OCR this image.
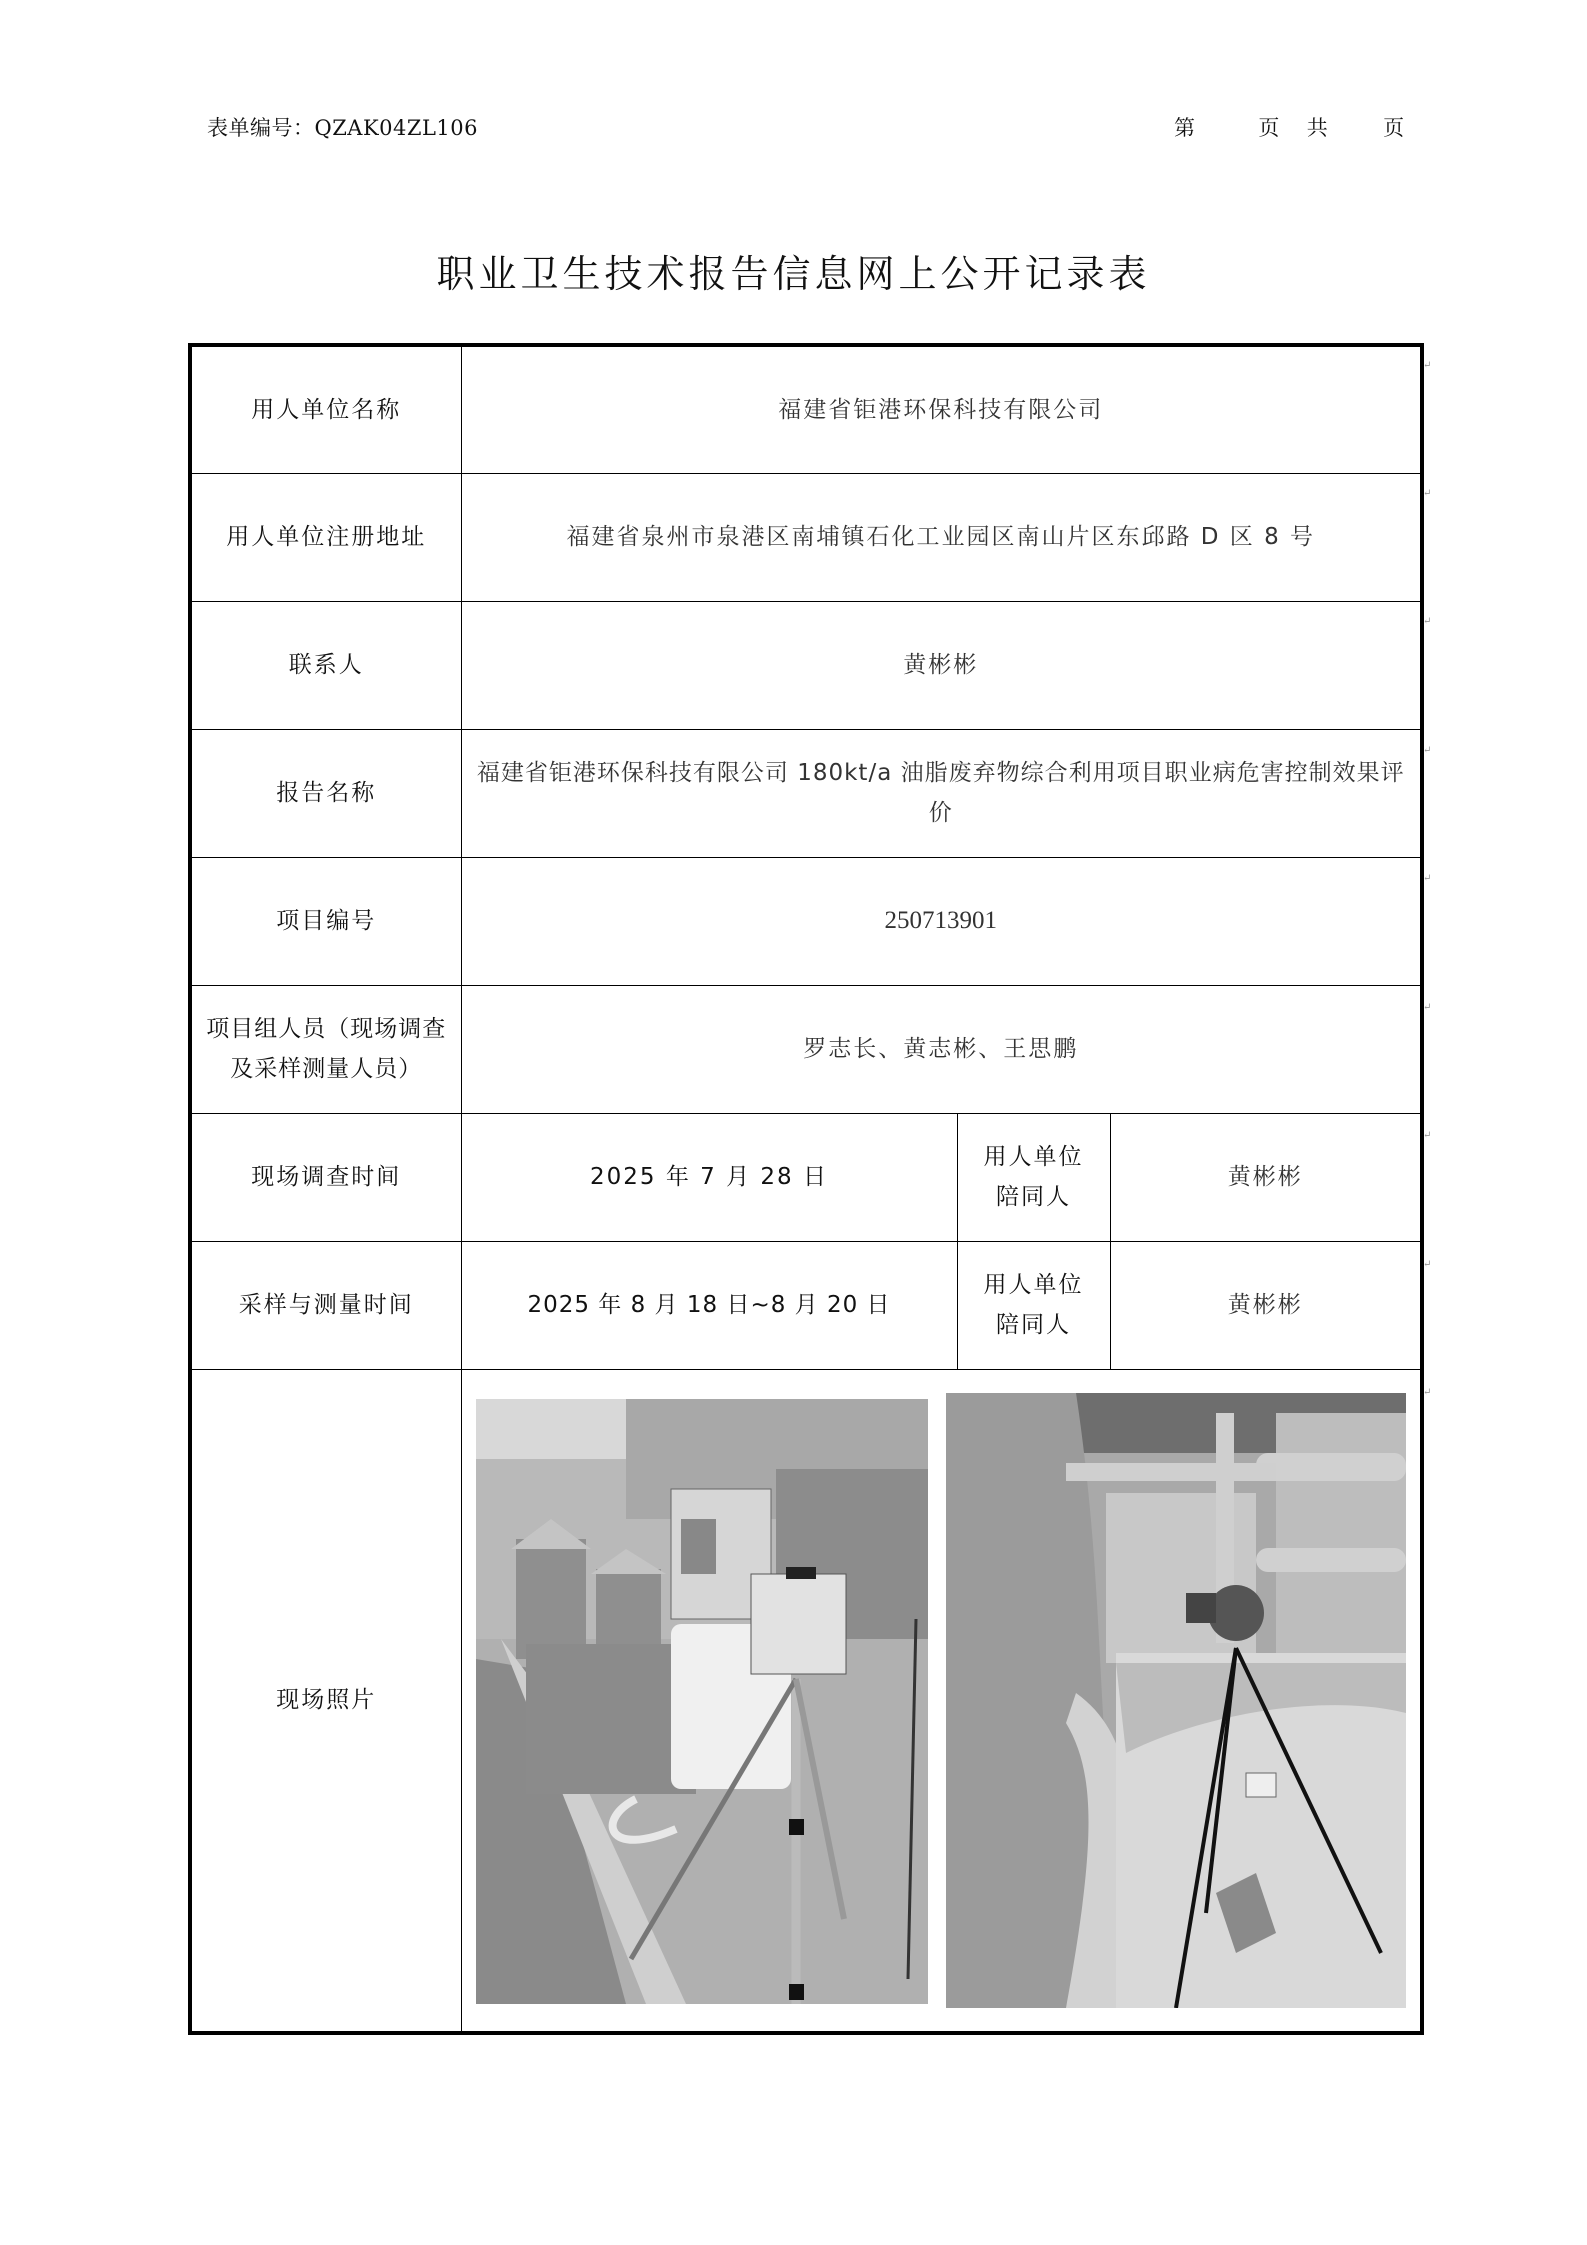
表单编号：QZAK04ZL106	第	页 共	页
职业卫生技术报告信息网上公开记录表
用人单位名称	福建省钜港环保科技有限公司		
用人单位注册地址	福建省泉州市泉港区南埔镇石化工业园区南山片区东邱路 D 区 8 号		
联系人	黄彬彬		
报告名称	福建省钜港环保科技有限公司 180kt/a 油脂废弃物综合利用项目职业病危害控制效果评价		
项目编号	250713901		
项目组人员（现场调查及采样测量人员）	罗志长、黄志彬、王思鹏		
现场调查时间	2025 年 7 月 28 日	用人单位陪同人	黄彬彬
采样与测量时间	2025 年 8 月 18 日~8 月 20 日	用人单位陪同人	黄彬彬
现场照片	
↵
↵
↵
↵
↵
↵
↵
↵
↵
